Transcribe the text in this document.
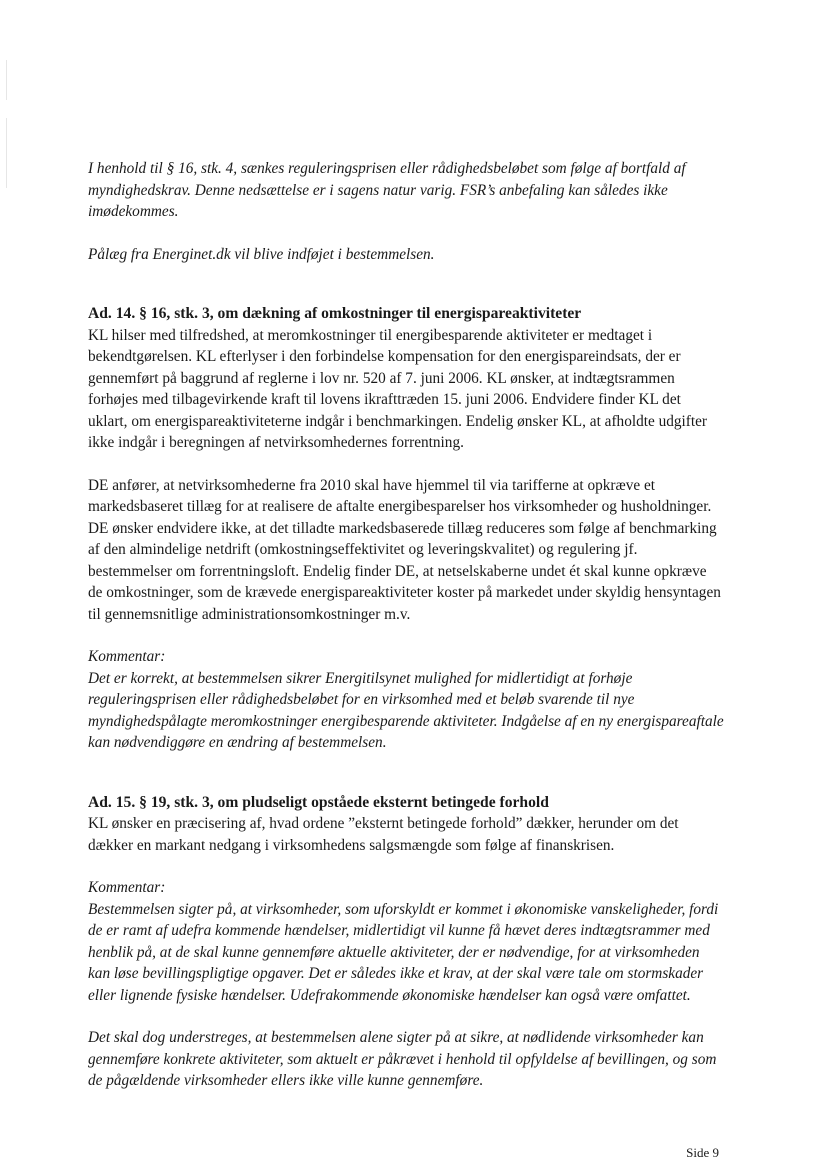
I henhold til § 16, stk. 4, sænkes reguleringsprisen eller rådighedsbeløbet som følge af bortfald af myndighedskrav. Denne nedsættelse er i sagens natur varig. FSR’s anbefaling kan således ikke imødekommes.

Pålæg fra Energinet.dk vil blive indføjet i bestemmelsen.

Ad. 14. § 16, stk. 3, om dækning af omkostninger til energispareaktiviteter

KL hilser med tilfredshed, at meromkostninger til energibesparende aktiviteter er medtaget i bekendtgørelsen. KL efterlyser i den forbindelse kompensation for den energispareindsats, der er gennemført på baggrund af reglerne i lov nr. 520 af 7. juni 2006. KL ønsker, at indtægtsrammen forhøjes med tilbagevirkende kraft til lovens ikrafttræden 15. juni 2006. Endvidere finder KL det uklart, om energispareaktiviteterne indgår i benchmarkingen. Endelig ønsker KL, at afholdte udgifter ikke indgår i beregningen af netvirksomhedernes forrentning.

DE anfører, at netvirksomhederne fra 2010 skal have hjemmel til via tarifferne at opkræve et markedsbaseret tillæg for at realisere de aftalte energibesparelser hos virksomheder og husholdninger. DE ønsker endvidere ikke, at det tilladte markedsbaserede tillæg reduceres som følge af benchmarking af den almindelige netdrift (omkostningseffektivitet og leveringskvalitet) og regulering jf. bestemmelser om forrentningsloft. Endelig finder DE, at netselskaberne undet ét skal kunne opkræve de omkostninger, som de krævede energispareaktiviteter koster på markedet under skyldig hensyntagen til gennemsnitlige administrationsomkostninger m.v.

Kommentar:

Det er korrekt, at bestemmelsen sikrer Energitilsynet mulighed for midlertidigt at forhøje reguleringsprisen eller rådighedsbeløbet for en virksomhed med et beløb svarende til nye myndighedspålagte meromkostninger energibesparende aktiviteter. Indgåelse af en ny energispareaftale kan nødvendiggøre en ændring af bestemmelsen.

Ad. 15. § 19, stk. 3, om pludseligt opståede eksternt betingede forhold

KL ønsker en præcisering af, hvad ordene ”eksternt betingede forhold” dækker, herunder om det dækker en markant nedgang i virksomhedens salgsmængde som følge af finanskrisen.

Kommentar:

Bestemmelsen sigter på, at virksomheder, som uforskyldt er kommet i økonomiske vanskeligheder, fordi de er ramt af udefra kommende hændelser, midlertidigt vil kunne få hævet deres indtægtsrammer med henblik på, at de skal kunne gennemføre aktuelle aktiviteter, der er nødvendige, for at virksomheden kan løse bevillingspligtige opgaver. Det er således ikke et krav, at der skal være tale om stormskader eller lignende fysiske hændelser. Udefrakommende økonomiske hændelser kan også være omfattet.

Det skal dog understreges, at bestemmelsen alene sigter på at sikre, at nødlidende virksomheder kan gennemføre konkrete aktiviteter, som aktuelt er påkrævet i henhold til opfyldelse af bevillingen, og som de pågældende virksomheder ellers ikke ville kunne gennemføre.

Side 9
